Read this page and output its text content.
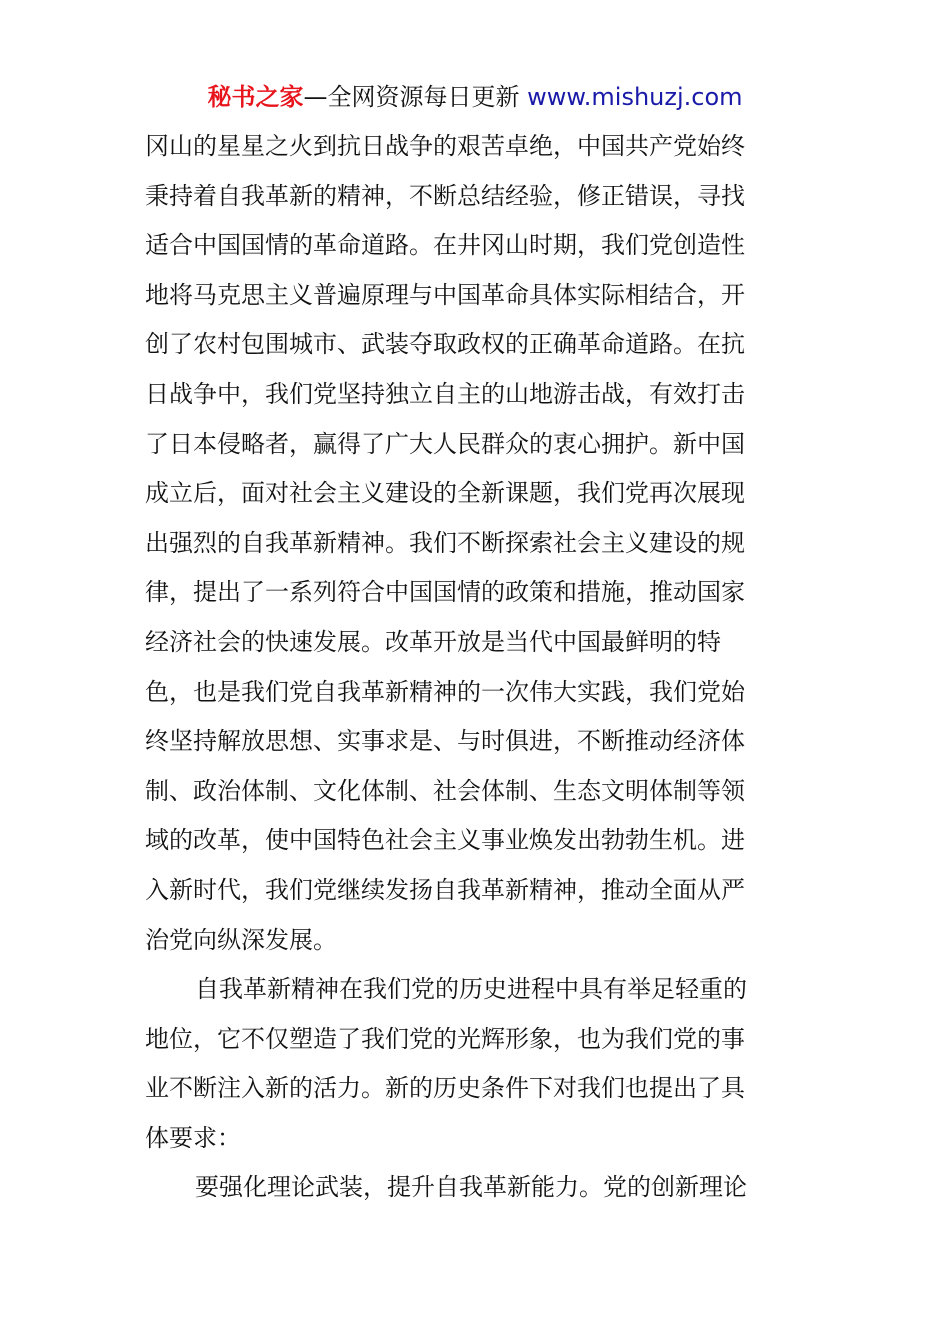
秘书之家—全网资源每日更新 www.mishuzj.com
冈山的星星之火到抗日战争的艰苦卓绝，中国共产党始终
秉持着自我革新的精神，不断总结经验，修正错误，寻找
适合中国国情的革命道路。在井冈山时期，我们党创造性
地将马克思主义普遍原理与中国革命具体实际相结合，开
创了农村包围城市、武装夺取政权的正确革命道路。在抗
日战争中，我们党坚持独立自主的山地游击战，有效打击
了日本侵略者，赢得了广大人民群众的衷心拥护。新中国
成立后，面对社会主义建设的全新课题，我们党再次展现
出强烈的自我革新精神。我们不断探索社会主义建设的规
律，提出了一系列符合中国国情的政策和措施，推动国家
经济社会的快速发展。改革开放是当代中国最鲜明的特
色，也是我们党自我革新精神的一次伟大实践，我们党始
终坚持解放思想、实事求是、与时俱进，不断推动经济体
制、政治体制、文化体制、社会体制、生态文明体制等领
域的改革，使中国特色社会主义事业焕发出勃勃生机。进
入新时代，我们党继续发扬自我革新精神，推动全面从严
治党向纵深发展。
自我革新精神在我们党的历史进程中具有举足轻重的
地位，它不仅塑造了我们党的光辉形象，也为我们党的事
业不断注入新的活力。新的历史条件下对我们也提出了具
体要求：
要强化理论武装，提升自我革新能力。党的创新理论
